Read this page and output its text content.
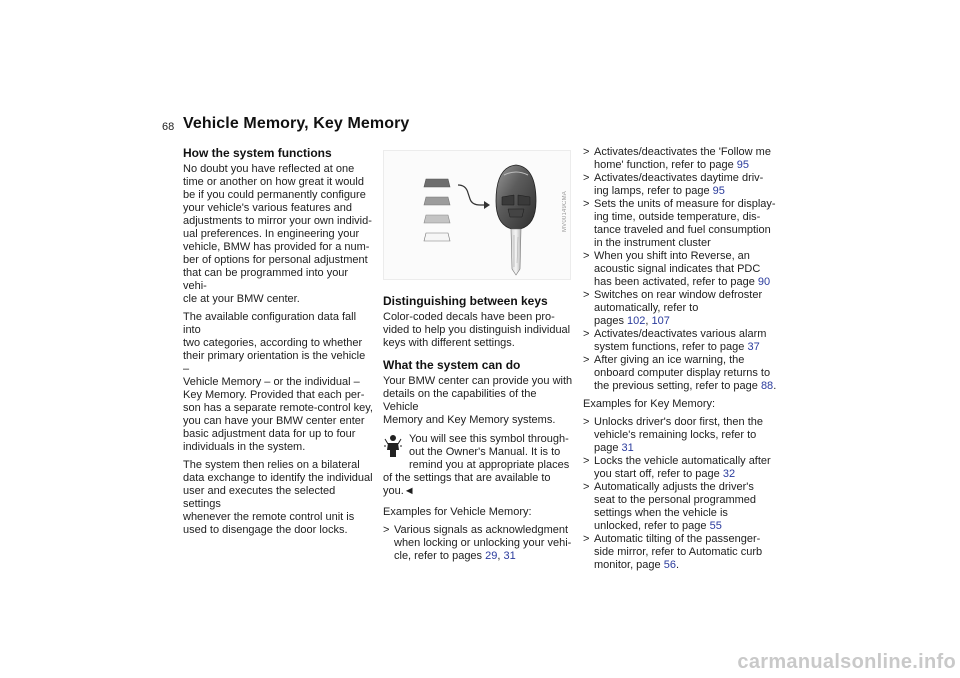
68 Vehicle Memory, Key Memory
How the system functions

No doubt you have reflected at one
time or another on how great it would
be if you could permanently configure
your vehicle's various features and
adjustments to mirror your own individ-
ual preferences. In engineering your
vehicle, BMW has provided for a num-
ber of options for personal adjustment
that can be programmed into your vehi-
cle at your BMW center.

The available configuration data fall into
two categories, according to whether
their primary orientation is the vehicle –
Vehicle Memory – or the individual –
Key Memory. Provided that each per-
son has a separate remote-control key,
you can have your BMW center enter
basic adjustment data for up to four
individuals in the system.

The system then relies on a bilateral
data exchange to identify the individual
user and executes the selected settings
whenever the remote control unit is
used to disengage the door locks.

MV00149CMA
Distinguishing between keys

Color-coded decals have been pro-
vided to help you distinguish individual
keys with different settings.

What the system can do

Your BMW center can provide you with
details on the capabilities of the Vehicle
Memory and Key Memory systems.

You will see this symbol through-out the Owner's Manual. It is to remind you at appropriate places of the settings that are available to you.◄

Examples for Vehicle Memory:

> Various signals as acknowledgment
when locking or unlocking your vehi-
cle, refer to pages 29, 31
> Activates/deactivates the 'Follow me
home' function, refer to page 95
> Activates/deactivates daytime driv-
ing lamps, refer to page 95
> Sets the units of measure for display-
ing time, outside temperature, dis-
tance traveled and fuel consumption
in the instrument cluster
> When you shift into Reverse, an
acoustic signal indicates that PDC
has been activated, refer to page 90
> Switches on rear window defroster
automatically, refer to
pages 102, 107
> Activates/deactivates various alarm
system functions, refer to page 37
> After giving an ice warning, the
onboard computer display returns to
the previous setting, refer to page 88.

Examples for Key Memory:

> Unlocks driver's door first, then the
vehicle's remaining locks, refer to
page 31
> Locks the vehicle automatically after
you start off, refer to page 32
> Automatically adjusts the driver's
seat to the personal programmed
settings when the vehicle is
unlocked, refer to page 55
> Automatic tilting of the passenger-
side mirror, refer to Automatic curb
monitor, page 56.
carmanualsonline.info
